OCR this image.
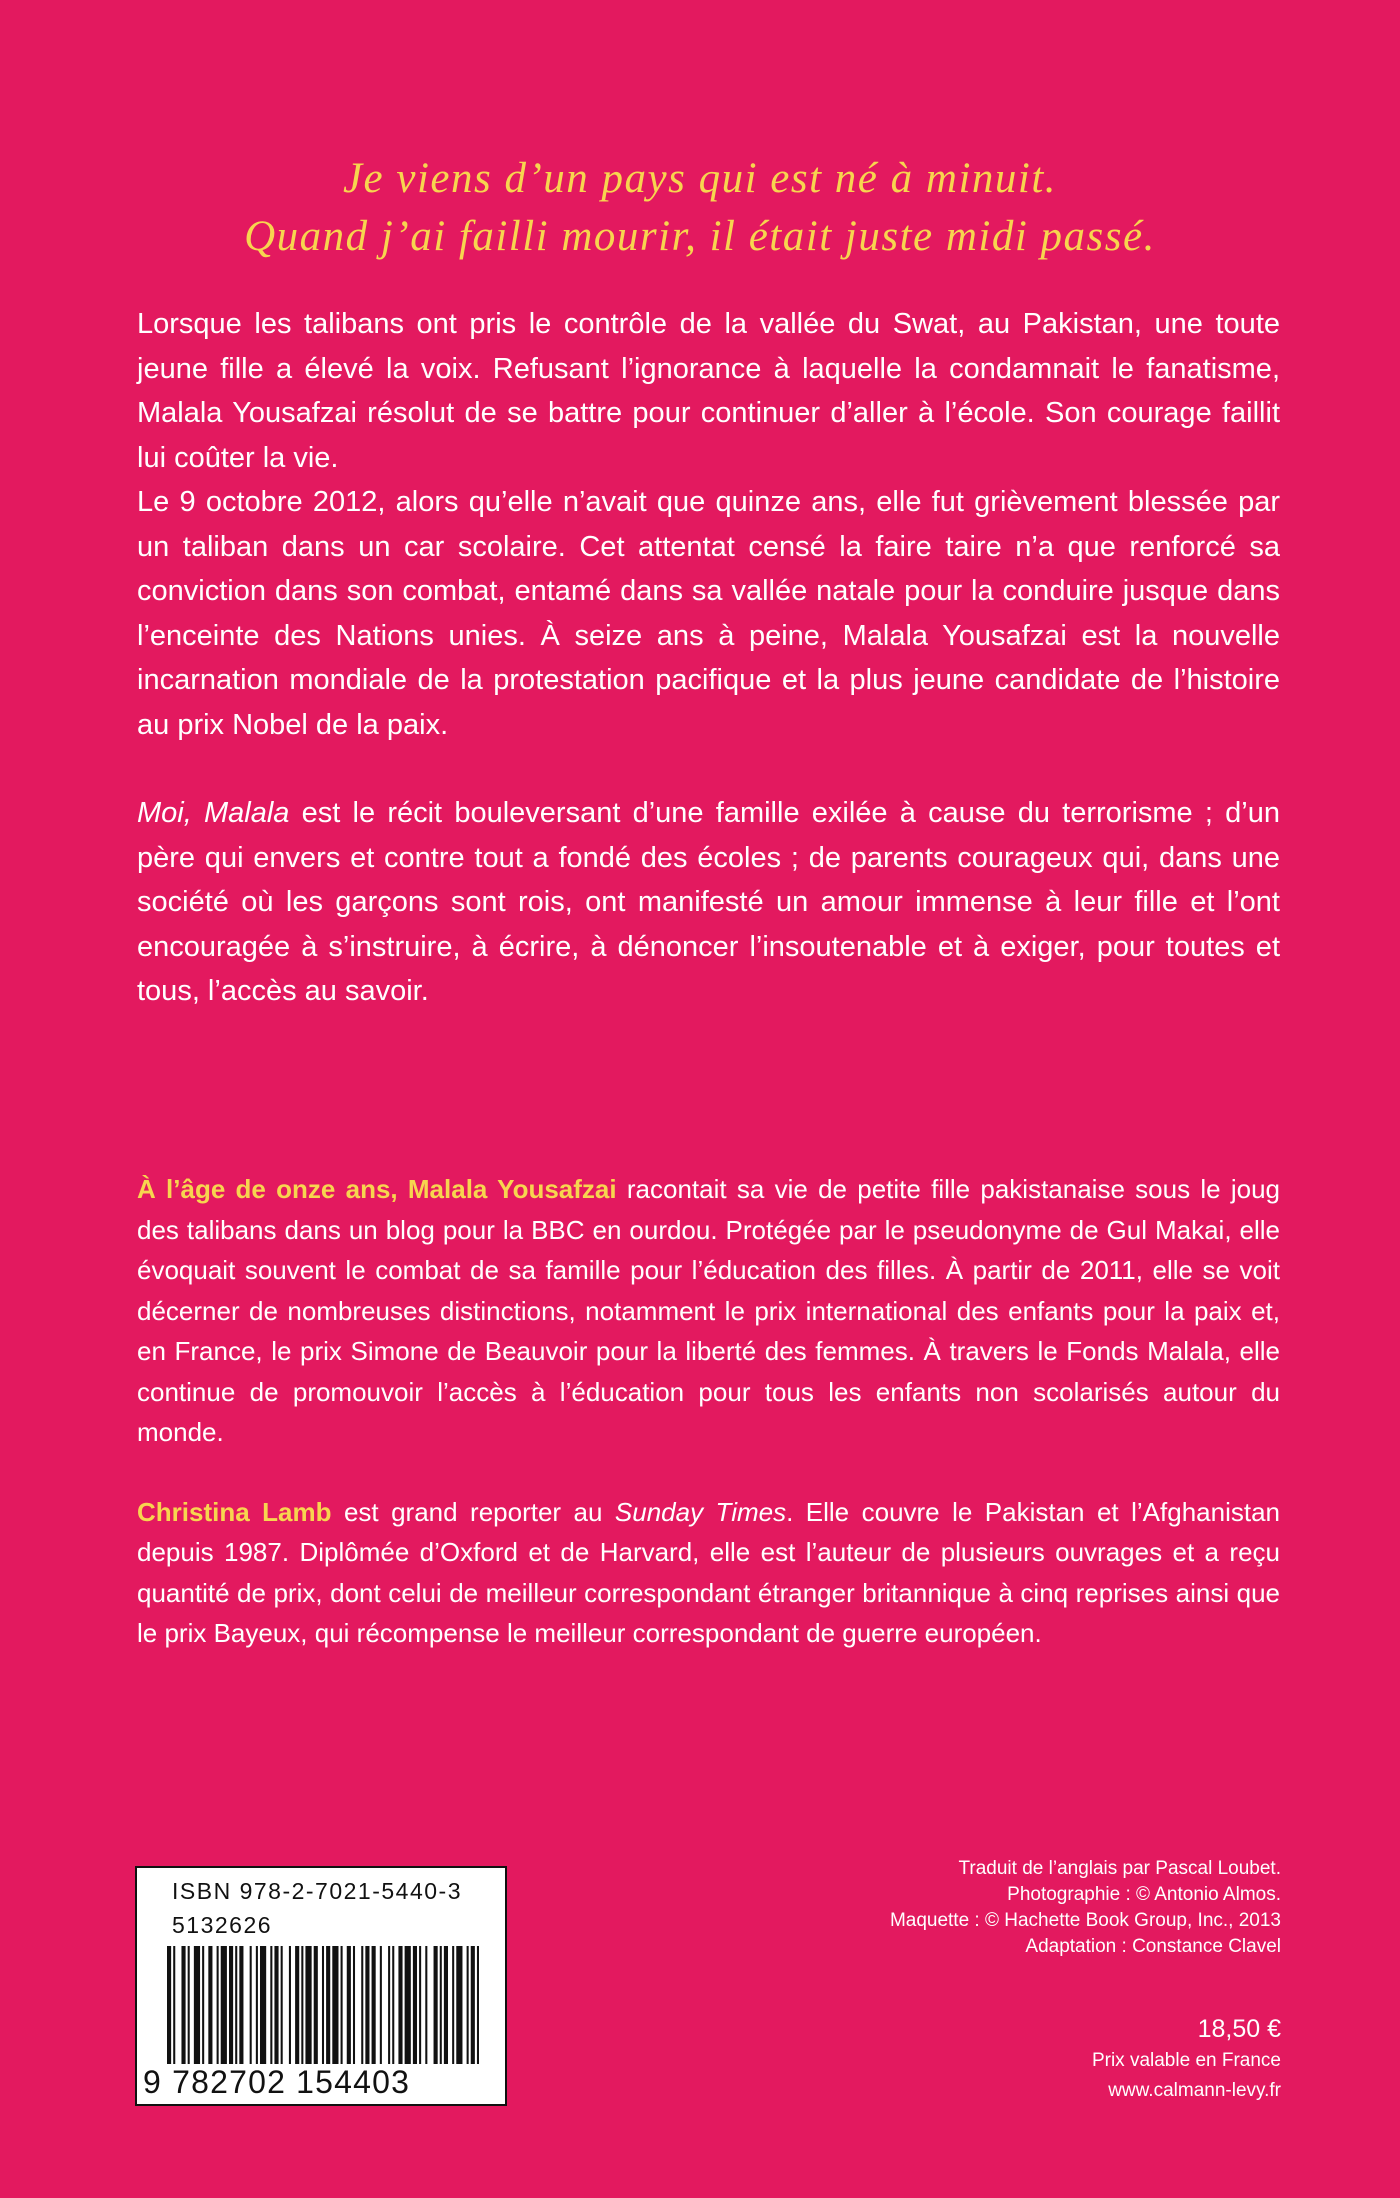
Je viens d’un pays qui est né à minuit.
Quand j’ai failli mourir, il était juste midi passé.

Lorsque les talibans ont pris le contrôle de la vallée du Swat, au Pakistan, une toute jeune fille a élevé la voix. Refusant l’ignorance à laquelle la condamnait le fanatisme, Malala Yousafzai résolut de se battre pour continuer d’aller à l’école. Son courage faillit lui coûter la vie.

Le 9 octobre 2012, alors qu’elle n’avait que quinze ans, elle fut grièvement blessée par un taliban dans un car scolaire. Cet attentat censé la faire taire n’a que renforcé sa conviction dans son combat, entamé dans sa vallée natale pour la conduire jusque dans l’enceinte des Nations unies. À seize ans à peine, Malala Yousafzai est la nouvelle incarnation mondiale de la protestation pacifique et la plus jeune candidate de l’histoire au prix Nobel de la paix.

Moi, Malala est le récit bouleversant d’une famille exilée à cause du terrorisme ; d’un père qui envers et contre tout a fondé des écoles ; de parents courageux qui, dans une société où les garçons sont rois, ont manifesté un amour immense à leur fille et l’ont encouragée à s’instruire, à écrire, à dénoncer l’insoutenable et à exiger, pour toutes et tous, l’accès au savoir.

À l’âge de onze ans, Malala Yousafzai racontait sa vie de petite fille pakistanaise sous le joug des talibans dans un blog pour la BBC en ourdou. Protégée par le pseudonyme de Gul Makai, elle évoquait souvent le combat de sa famille pour l’éducation des filles. À partir de 2011, elle se voit décerner de nombreuses distinctions, notamment le prix international des enfants pour la paix et, en France, le prix Simone de Beauvoir pour la liberté des femmes. À travers le Fonds Malala, elle continue de promouvoir l’accès à l’éducation pour tous les enfants non scolarisés autour du monde.

Christina Lamb est grand reporter au Sunday Times. Elle couvre le Pakistan et l’Afghanistan depuis 1987. Diplômée d’Oxford et de Harvard, elle est l’auteur de plusieurs ouvrages et a reçu quantité de prix, dont celui de meilleur correspondant étranger britannique à cinq reprises ainsi que le prix Bayeux, qui récompense le meilleur correspondant de guerre européen.

ISBN 978-2-7021-5440-3
5132626
9 782702 154403
Traduit de l’anglais par Pascal Loubet.
Photographie : © Antonio Almos.
Maquette : © Hachette Book Group, Inc., 2013
Adaptation : Constance Clavel
18,50 €
Prix valable en France
www.calmann-levy.fr
